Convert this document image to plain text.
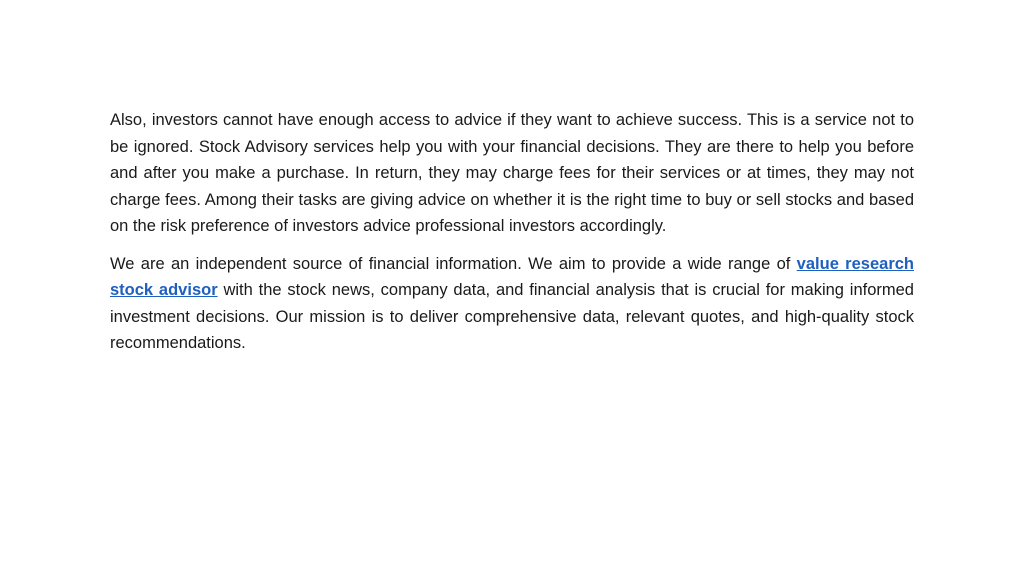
Also, investors cannot have enough access to advice if they want to achieve success. This is a service not to be ignored. Stock Advisory services help you with your financial decisions. They are there to help you before and after you make a purchase. In return, they may charge fees for their services or at times, they may not charge fees. Among their tasks are giving advice on whether it is the right time to buy or sell stocks and based on the risk preference of investors advice professional investors accordingly.

We are an independent source of financial information. We aim to provide a wide range of value research stock advisor with the stock news, company data, and financial analysis that is crucial for making informed investment decisions. Our mission is to deliver comprehensive data, relevant quotes, and high-quality stock recommendations.
